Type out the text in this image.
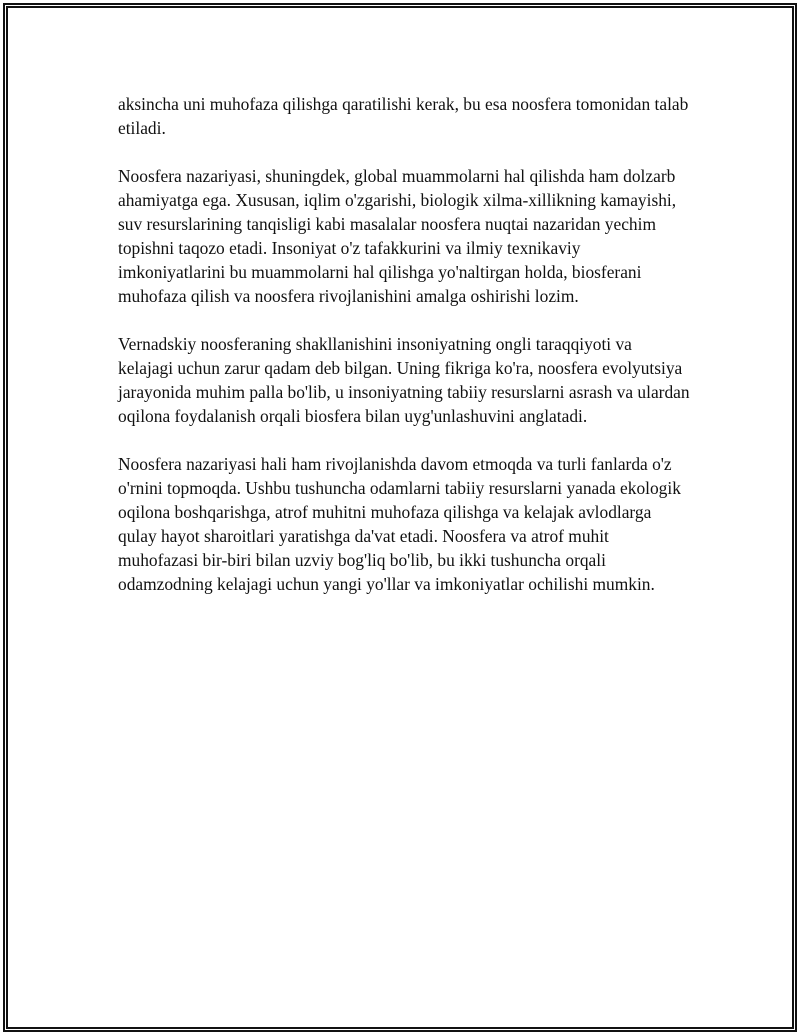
aksincha uni muhofaza qilishga qaratilishi kerak, bu esa noosfera tomonidan talab etiladi.

Noosfera nazariyasi, shuningdek, global muammolarni hal qilishda ham dolzarb ahamiyatga ega. Xususan, iqlim o'zgarishi, biologik xilma-xillikning kamayishi, suv resurslarining tanqisligi kabi masalalar noosfera nuqtai nazaridan yechim topishni taqozo etadi. Insoniyat o'z tafakkurini va ilmiy texnikaviy imkoniyatlarini bu muammolarni hal qilishga yo'naltirgan holda, biosferani muhofaza qilish va noosfera rivojlanishini amalga oshirishi lozim.

Vernadskiy noosferaning shakllanishini insoniyatning ongli taraqqiyoti va kelajagi uchun zarur qadam deb bilgan. Uning fikriga ko'ra, noosfera evolyutsiya jarayonida muhim palla bo'lib, u insoniyatning tabiiy resurslarni asrash va ulardan oqilona foydalanish orqali biosfera bilan uyg'unlashuvini anglatadi.

Noosfera nazariyasi hali ham rivojlanishda davom etmoqda va turli fanlarda o'z o'rnini topmoqda. Ushbu tushuncha odamlarni tabiiy resurslarni yanada ekologik oqilona boshqarishga, atrof muhitni muhofaza qilishga va kelajak avlodlarga qulay hayot sharoitlari yaratishga da'vat etadi. Noosfera va atrof muhit muhofazasi bir-biri bilan uzviy bog'liq bo'lib, bu ikki tushuncha orqali odamzodning kelajagi uchun yangi yo'llar va imkoniyatlar ochilishi mumkin.
